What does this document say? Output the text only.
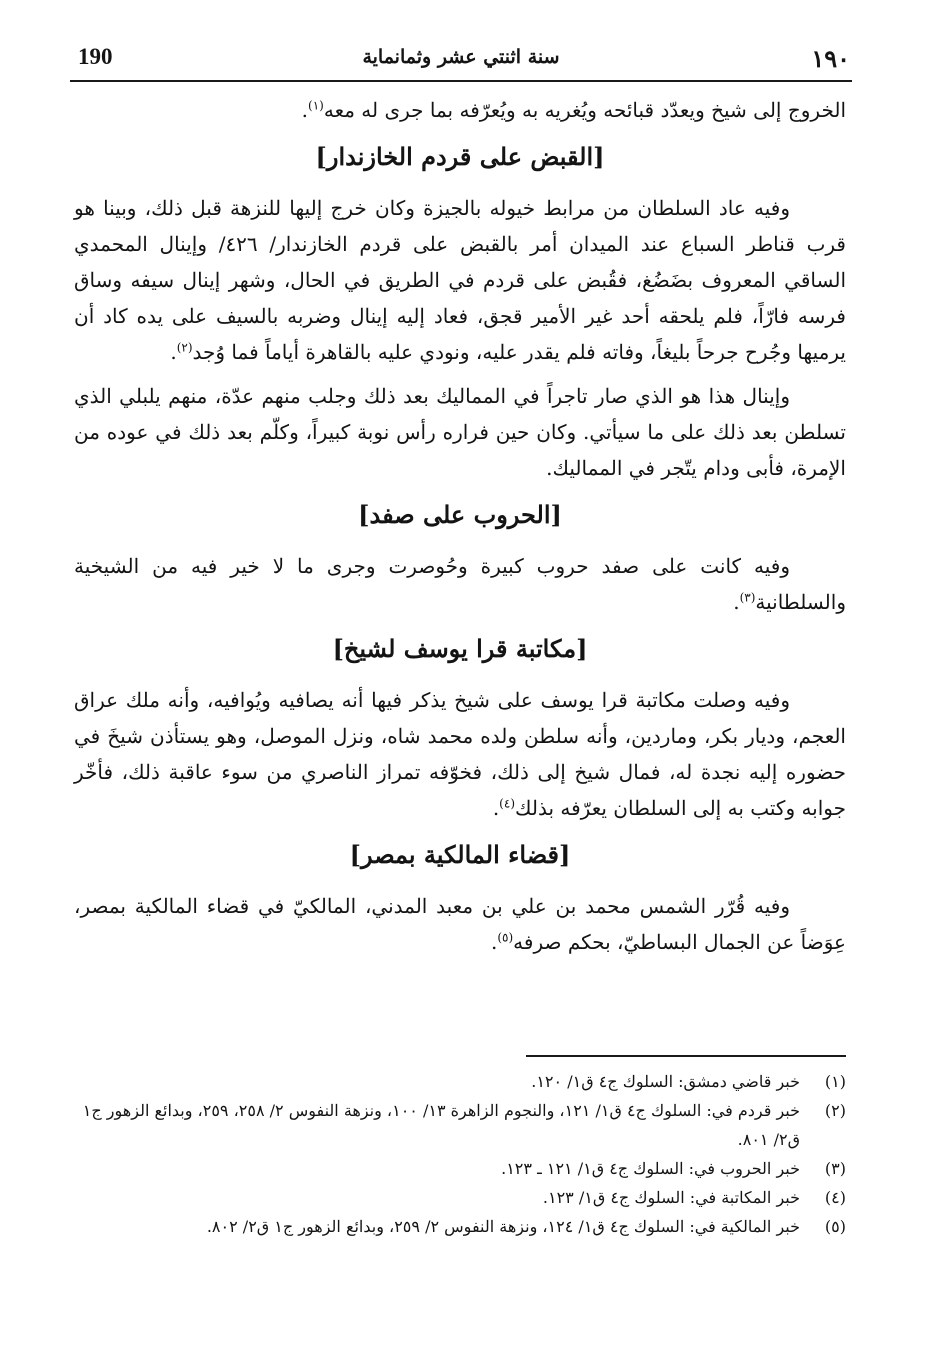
190	سنة اثنتي عشر وثمانماية	١٩٠

الخروج إلى شيخ ويعدّد قبائحه ويُغريه به ويُعرّفه بما جرى له معه$^{(١)}$.

[القبض على قردم الخازندار]

وفيه عاد السلطان من مرابط خيوله بالجيزة وكان خرج إليها للنزهة قبل ذلك، وبينا هو قرب قناطر السباع عند الميدان أمر بالقبض على قردم الخازندار/ ٤٢٦/ وإينال المحمدي الساقي المعروف بضَضُغ، فقُبض على قردم في الطريق في الحال، وشهر إينال سيفه وساق فرسه فارّاً، فلم يلحقه أحد غير الأمير قجق، فعاد إليه إينال وضربه بالسيف على يده كاد أن يرميها وجُرح جرحاً بليغاً، وفاته فلم يقدر عليه، ونودي عليه بالقاهرة أياماً فما وُجد$^{(٢)}$.

وإينال هذا هو الذي صار تاجراً في المماليك بعد ذلك وجلب منهم عدّة، منهم يلبلي الذي تسلطن بعد ذلك على ما سيأتي. وكان حين فراره رأس نوبة كبيراً، وكلّم بعد ذلك في عوده من الإمرة، فأبى ودام يتّجر في المماليك.

[الحروب على صفد]

وفيه كانت على صفد حروب كبيرة وحُوصرت وجرى ما لا خير فيه من الشيخية والسلطانية$^{(٣)}$.

[مكاتبة قرا يوسف لشيخ]

وفيه وصلت مكاتبة قرا يوسف على شيخ يذكر فيها أنه يصافيه ويُوافيه، وأنه ملك عراق العجم، وديار بكر، وماردين، وأنه سلطن ولده محمد شاه، ونزل الموصل، وهو يستأذن شيخَ في حضوره إليه نجدة له، فمال شيخ إلى ذلك، فخوّفه تمراز الناصري من سوء عاقبة ذلك، فأخّر جوابه وكتب به إلى السلطان يعرّفه بذلك$^{(٤)}$.

[قضاء المالكية بمصر]

وفيه قُرّر الشمس محمد بن علي بن معبد المدني، المالكيّ في قضاء المالكية بمصر، عِوَضاً عن الجمال البساطيّ، بحكم صرفه$^{(٥)}$.

(١)خبر قاضي دمشق: السلوك ج٤ ق١/ ١٢٠.

(٢)خبر قردم في: السلوك ج٤ ق١/ ١٢١، والنجوم الزاهرة ١٣/ ١٠٠، ونزهة النفوس ٢/ ٢٥٨، ٢٥٩، وبدائع الزهور ج١ ق٢/ ٨٠١.

(٣)خبر الحروب في: السلوك ج٤ ق١/ ١٢١ ـ ١٢٣.

(٤)خبر المكاتبة في: السلوك ج٤ ق١/ ١٢٣.

(٥)خبر المالكية في: السلوك ج٤ ق١/ ١٢٤، ونزهة النفوس ٢/ ٢٥٩، وبدائع الزهور ج١ ق٢/ ٨٠٢.
